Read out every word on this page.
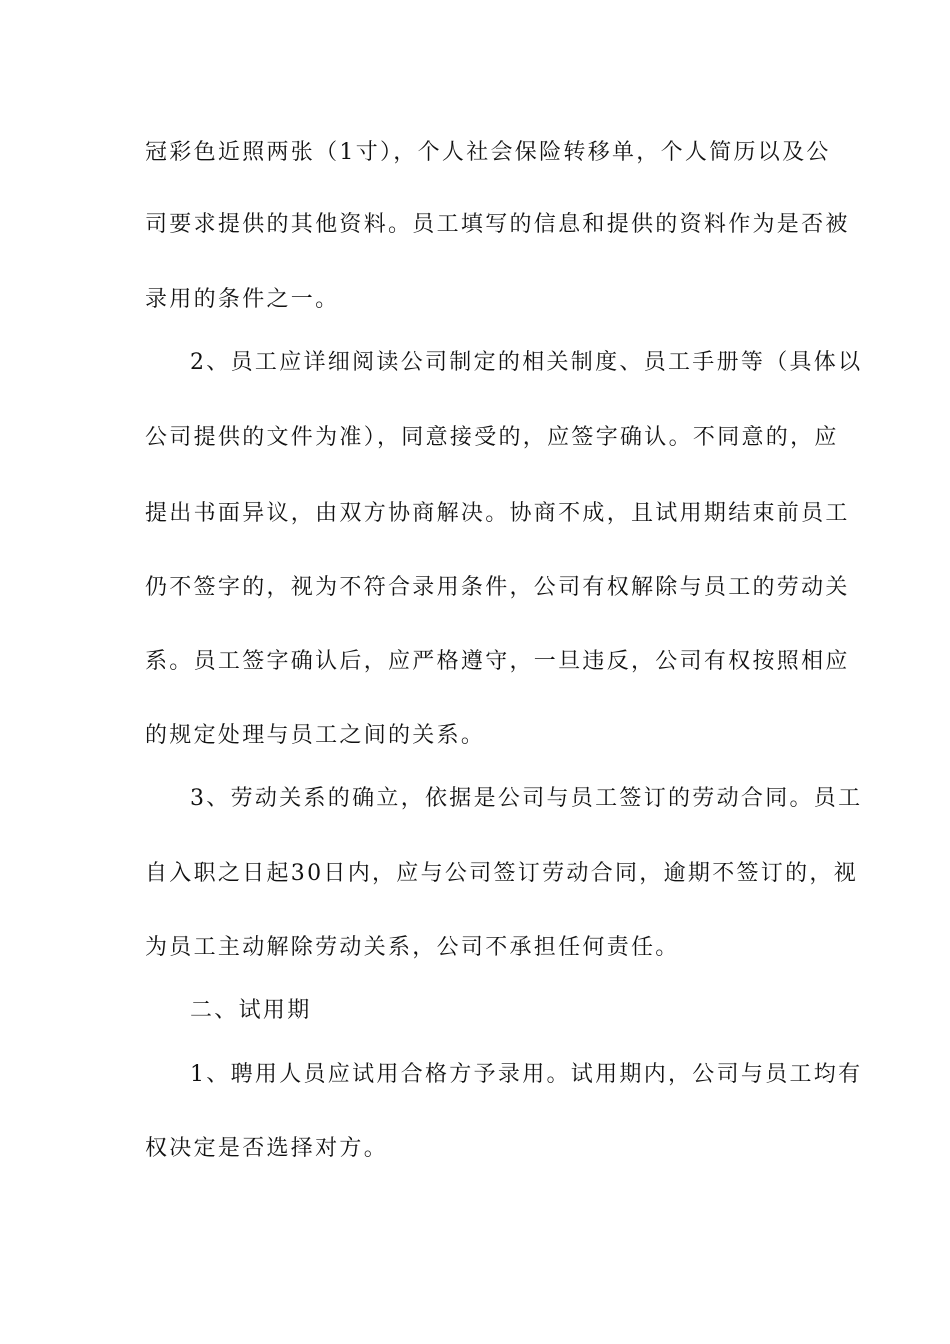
冠彩色近照两张（1寸），个人社会保险转移单，个人简历以及公
司要求提供的其他资料。员工填写的信息和提供的资料作为是否被
录用的条件之一。
2、员工应详细阅读公司制定的相关制度、员工手册等（具体以
公司提供的文件为准），同意接受的，应签字确认。不同意的，应
提出书面异议，由双方协商解决。协商不成，且试用期结束前员工
仍不签字的，视为不符合录用条件，公司有权解除与员工的劳动关
系。员工签字确认后，应严格遵守，一旦违反，公司有权按照相应
的规定处理与员工之间的关系。
3、劳动关系的确立，依据是公司与员工签订的劳动合同。员工
自入职之日起30日内，应与公司签订劳动合同，逾期不签订的，视
为员工主动解除劳动关系，公司不承担任何责任。
二、试用期
1、聘用人员应试用合格方予录用。试用期内，公司与员工均有
权决定是否选择对方。
